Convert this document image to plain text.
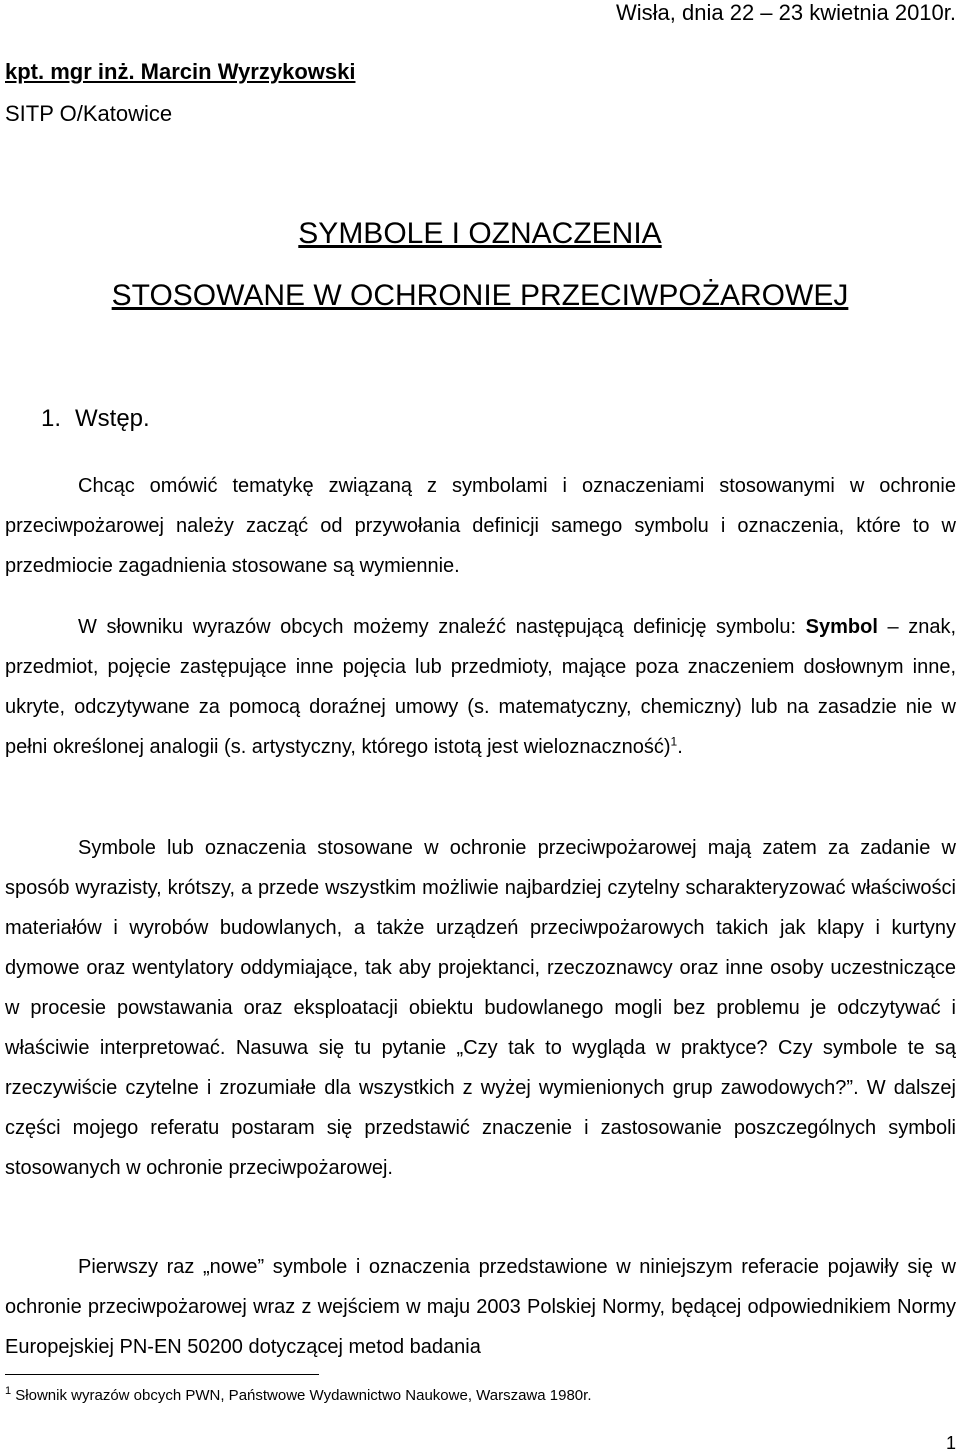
Wisła, dnia 22 – 23 kwietnia 2010r.
kpt. mgr inż. Marcin Wyrzykowski
SITP O/Katowice
SYMBOLE I OZNACZENIA
STOSOWANE W OCHRONIE PRZECIWPOŻAROWEJ
1. Wstęp.

Chcąc omówić tematykę związaną z symbolami i oznaczeniami stosowanymi w ochronie przeciwpożarowej należy zacząć od przywołania definicji samego symbolu i oznaczenia, które to w przedmiocie zagadnienia stosowane są wymiennie.

W słowniku wyrazów obcych możemy znaleźć następującą definicję symbolu: Symbol – znak, przedmiot, pojęcie zastępujące inne pojęcia lub przedmioty, mające poza znaczeniem dosłownym inne, ukryte, odczytywane za pomocą doraźnej umowy (s. matematyczny, chemiczny) lub na zasadzie nie w pełni określonej analogii (s. artystyczny, którego istotą jest wieloznaczność)$^1$.

Symbole lub oznaczenia stosowane w ochronie przeciwpożarowej mają zatem za zadanie w sposób wyrazisty, krótszy, a przede wszystkim możliwie najbardziej czytelny scharakteryzować właściwości materiałów i wyrobów budowlanych, a także urządzeń przeciwpożarowych takich jak klapy i kurtyny dymowe oraz wentylatory oddymiające, tak aby projektanci, rzeczoznawcy oraz inne osoby uczestniczące w procesie powstawania oraz eksploatacji obiektu budowlanego mogli bez problemu je odczytywać i właściwie interpretować. Nasuwa się tu pytanie „Czy tak to wygląda w praktyce? Czy symbole te są rzeczywiście czytelne i zrozumiałe dla wszystkich z wyżej wymienionych grup zawodowych?”. W dalszej części mojego referatu postaram się przedstawić znaczenie i zastosowanie poszczególnych symboli stosowanych w ochronie przeciwpożarowej.

Pierwszy raz „nowe” symbole i oznaczenia przedstawione w niniejszym referacie pojawiły się w ochronie przeciwpożarowej wraz z wejściem w maju 2003 Polskiej Normy, będącej odpowiednikiem Normy Europejskiej PN-EN 50200 dotyczącej metod badania

$^1$ Słownik wyrazów obcych PWN, Państwowe Wydawnictwo Naukowe, Warszawa 1980r.
1
